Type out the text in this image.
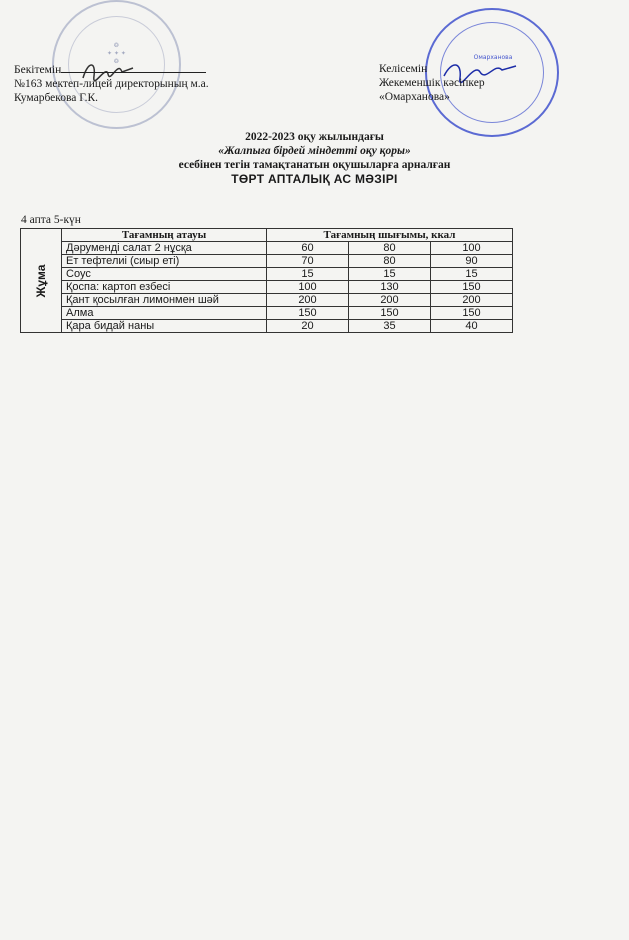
❂
✦ ✦ ✦
❂
Омарханова
Бекітемін
№163 мектеп-лицей директорының м.а.
Кумарбекова Г.К.
Келісемін
Жекеменшік кәсіпкер
«Омарханова»
2022-2023 оқу жылындағы
«Жалпыға бірдей міндетті оқу қоры»
есебінен тегін тамақтанатын оқушыларға арналған
ТӨРТ АПТАЛЫҚ АС МӘЗІРІ
4 апта 5-күн
Жұма	Тағамның атауы	Тағамның шығымы, ккал		
	Дәруменді салат 2 нұсқа	60	80	100
	Ет тефтелиі (сиыр еті)	70	80	90
	Соус	15	15	15
	Қоспа: картоп езбесі	100	130	150
	Қант қосылған лимонмен шәй	200	200	200
	Алма	150	150	150
	Қара бидай наны	20	35	40
